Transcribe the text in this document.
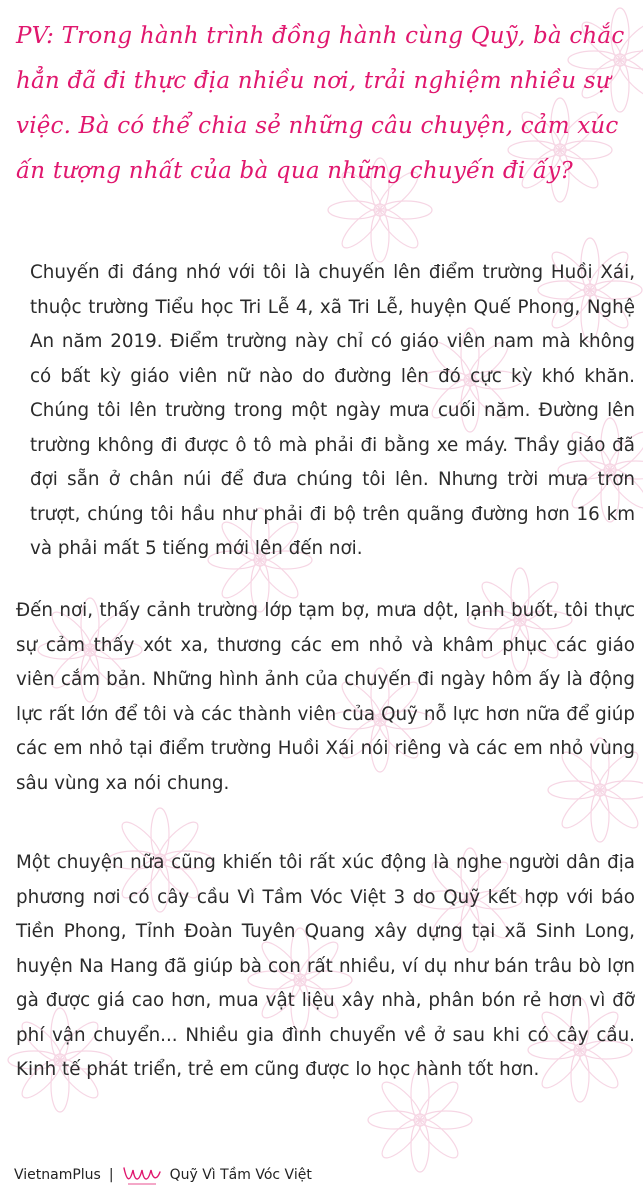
PV: Trong hành trình đồng hành cùng Quỹ, bà chắc hẳn đã đi thực địa nhiều nơi, trải nghiệm nhiều sự việc. Bà có thể chia sẻ những câu chuyện, cảm xúc ấn tượng nhất của bà qua những chuyến đi ấy?
Chuyến đi đáng nhớ với tôi là chuyến lên điểm trường Huồi Xái, thuộc trường Tiểu học Tri Lễ 4, xã Tri Lễ, huyện Quế Phong, Nghệ An năm 2019. Điểm trường này chỉ có giáo viên nam mà không có bất kỳ giáo viên nữ nào do đường lên đó cực kỳ khó khăn. Chúng tôi lên trường trong một ngày mưa cuối năm. Đường lên trường không đi được ô tô mà phải đi bằng xe máy. Thầy giáo đã đợi sẵn ở chân núi để đưa chúng tôi lên. Nhưng trời mưa trơn trượt, chúng tôi hầu như phải đi bộ trên quãng đường hơn 16 km và phải mất 5 tiếng mới lên đến nơi.
Đến nơi, thấy cảnh trường lớp tạm bợ, mưa dột, lạnh buốt, tôi thực sự cảm thấy xót xa, thương các em nhỏ và khâm phục các giáo viên cắm bản. Những hình ảnh của chuyến đi ngày hôm ấy là động lực rất lớn để tôi và các thành viên của Quỹ nỗ lực hơn nữa để giúp các em nhỏ tại điểm trường Huồi Xái nói riêng và các em nhỏ vùng sâu vùng xa nói chung.
Một chuyện nữa cũng khiến tôi rất xúc động là nghe người dân địa phương nơi có cây cầu Vì Tầm Vóc Việt 3 do Quỹ kết hợp với báo Tiền Phong, Tỉnh Đoàn Tuyên Quang xây dựng tại xã Sinh Long, huyện Na Hang đã giúp bà con rất nhiều, ví dụ như bán trâu bò lợn gà được giá cao hơn, mua vật liệu xây nhà, phân bón rẻ hơn vì đỡ phí vận chuyển... Nhiều gia đình chuyển về ở sau khi có cây cầu. Kinh tế phát triển, trẻ em cũng được lo học hành tốt hơn.
VietnamPlus |	Quỹ Vì Tầm Vóc Việt
